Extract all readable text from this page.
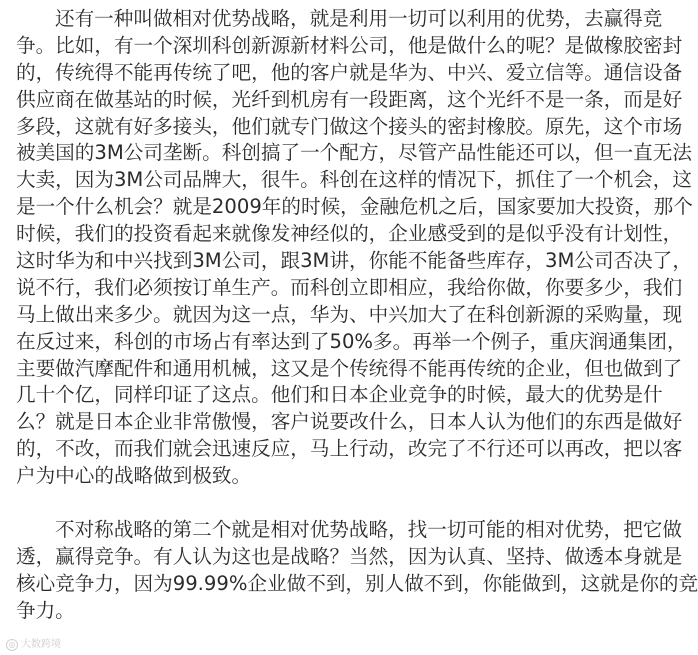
还有一种叫做相对优势战略，就是利用一切可以利用的优势，去赢得竞
争。比如，有一个深圳科创新源新材料公司，他是做什么的呢？是做橡胶密封
的，传统得不能再传统了吧，他的客户就是华为、中兴、爱立信等。通信设备
供应商在做基站的时候，光纤到机房有一段距离，这个光纤不是一条，而是好
多段，这就有好多接头，他们就专门做这个接头的密封橡胶。原先，这个市场
被美国的3M公司垄断。科创搞了一个配方，尽管产品性能还可以，但一直无法
大卖，因为3M公司品牌大，很牛。科创在这样的情况下，抓住了一个机会，这
是一个什么机会？就是2009年的时候，金融危机之后，国家要加大投资，那个
时候，我们的投资看起来就像发神经似的，企业感受到的是似乎没有计划性，
这时华为和中兴找到3M公司，跟3M讲，你能不能备些库存，3M公司否决了，
说不行，我们必须按订单生产。而科创立即相应，我给你做，你要多少，我们
马上做出来多少。就因为这一点，华为、中兴加大了在科创新源的采购量，现
在反过来，科创的市场占有率达到了50%多。再举一个例子，重庆润通集团，
主要做汽摩配件和通用机械，这又是个传统得不能再传统的企业，但也做到了
几十个亿，同样印证了这点。他们和日本企业竞争的时候，最大的优势是什
么？就是日本企业非常傲慢，客户说要改什么，日本人认为他们的东西是做好
的，不改，而我们就会迅速反应，马上行动，改完了不行还可以再改，把以客
户为中心的战略做到极致。
不对称战略的第二个就是相对优势战略，找一切可能的相对优势，把它做
透，赢得竞争。有人认为这也是战略？当然，因为认真、坚持、做透本身就是
核心竞争力，因为99.99%企业做不到，别人做不到，你能做到，这就是你的竞
争力。
◎ 大数跨境
